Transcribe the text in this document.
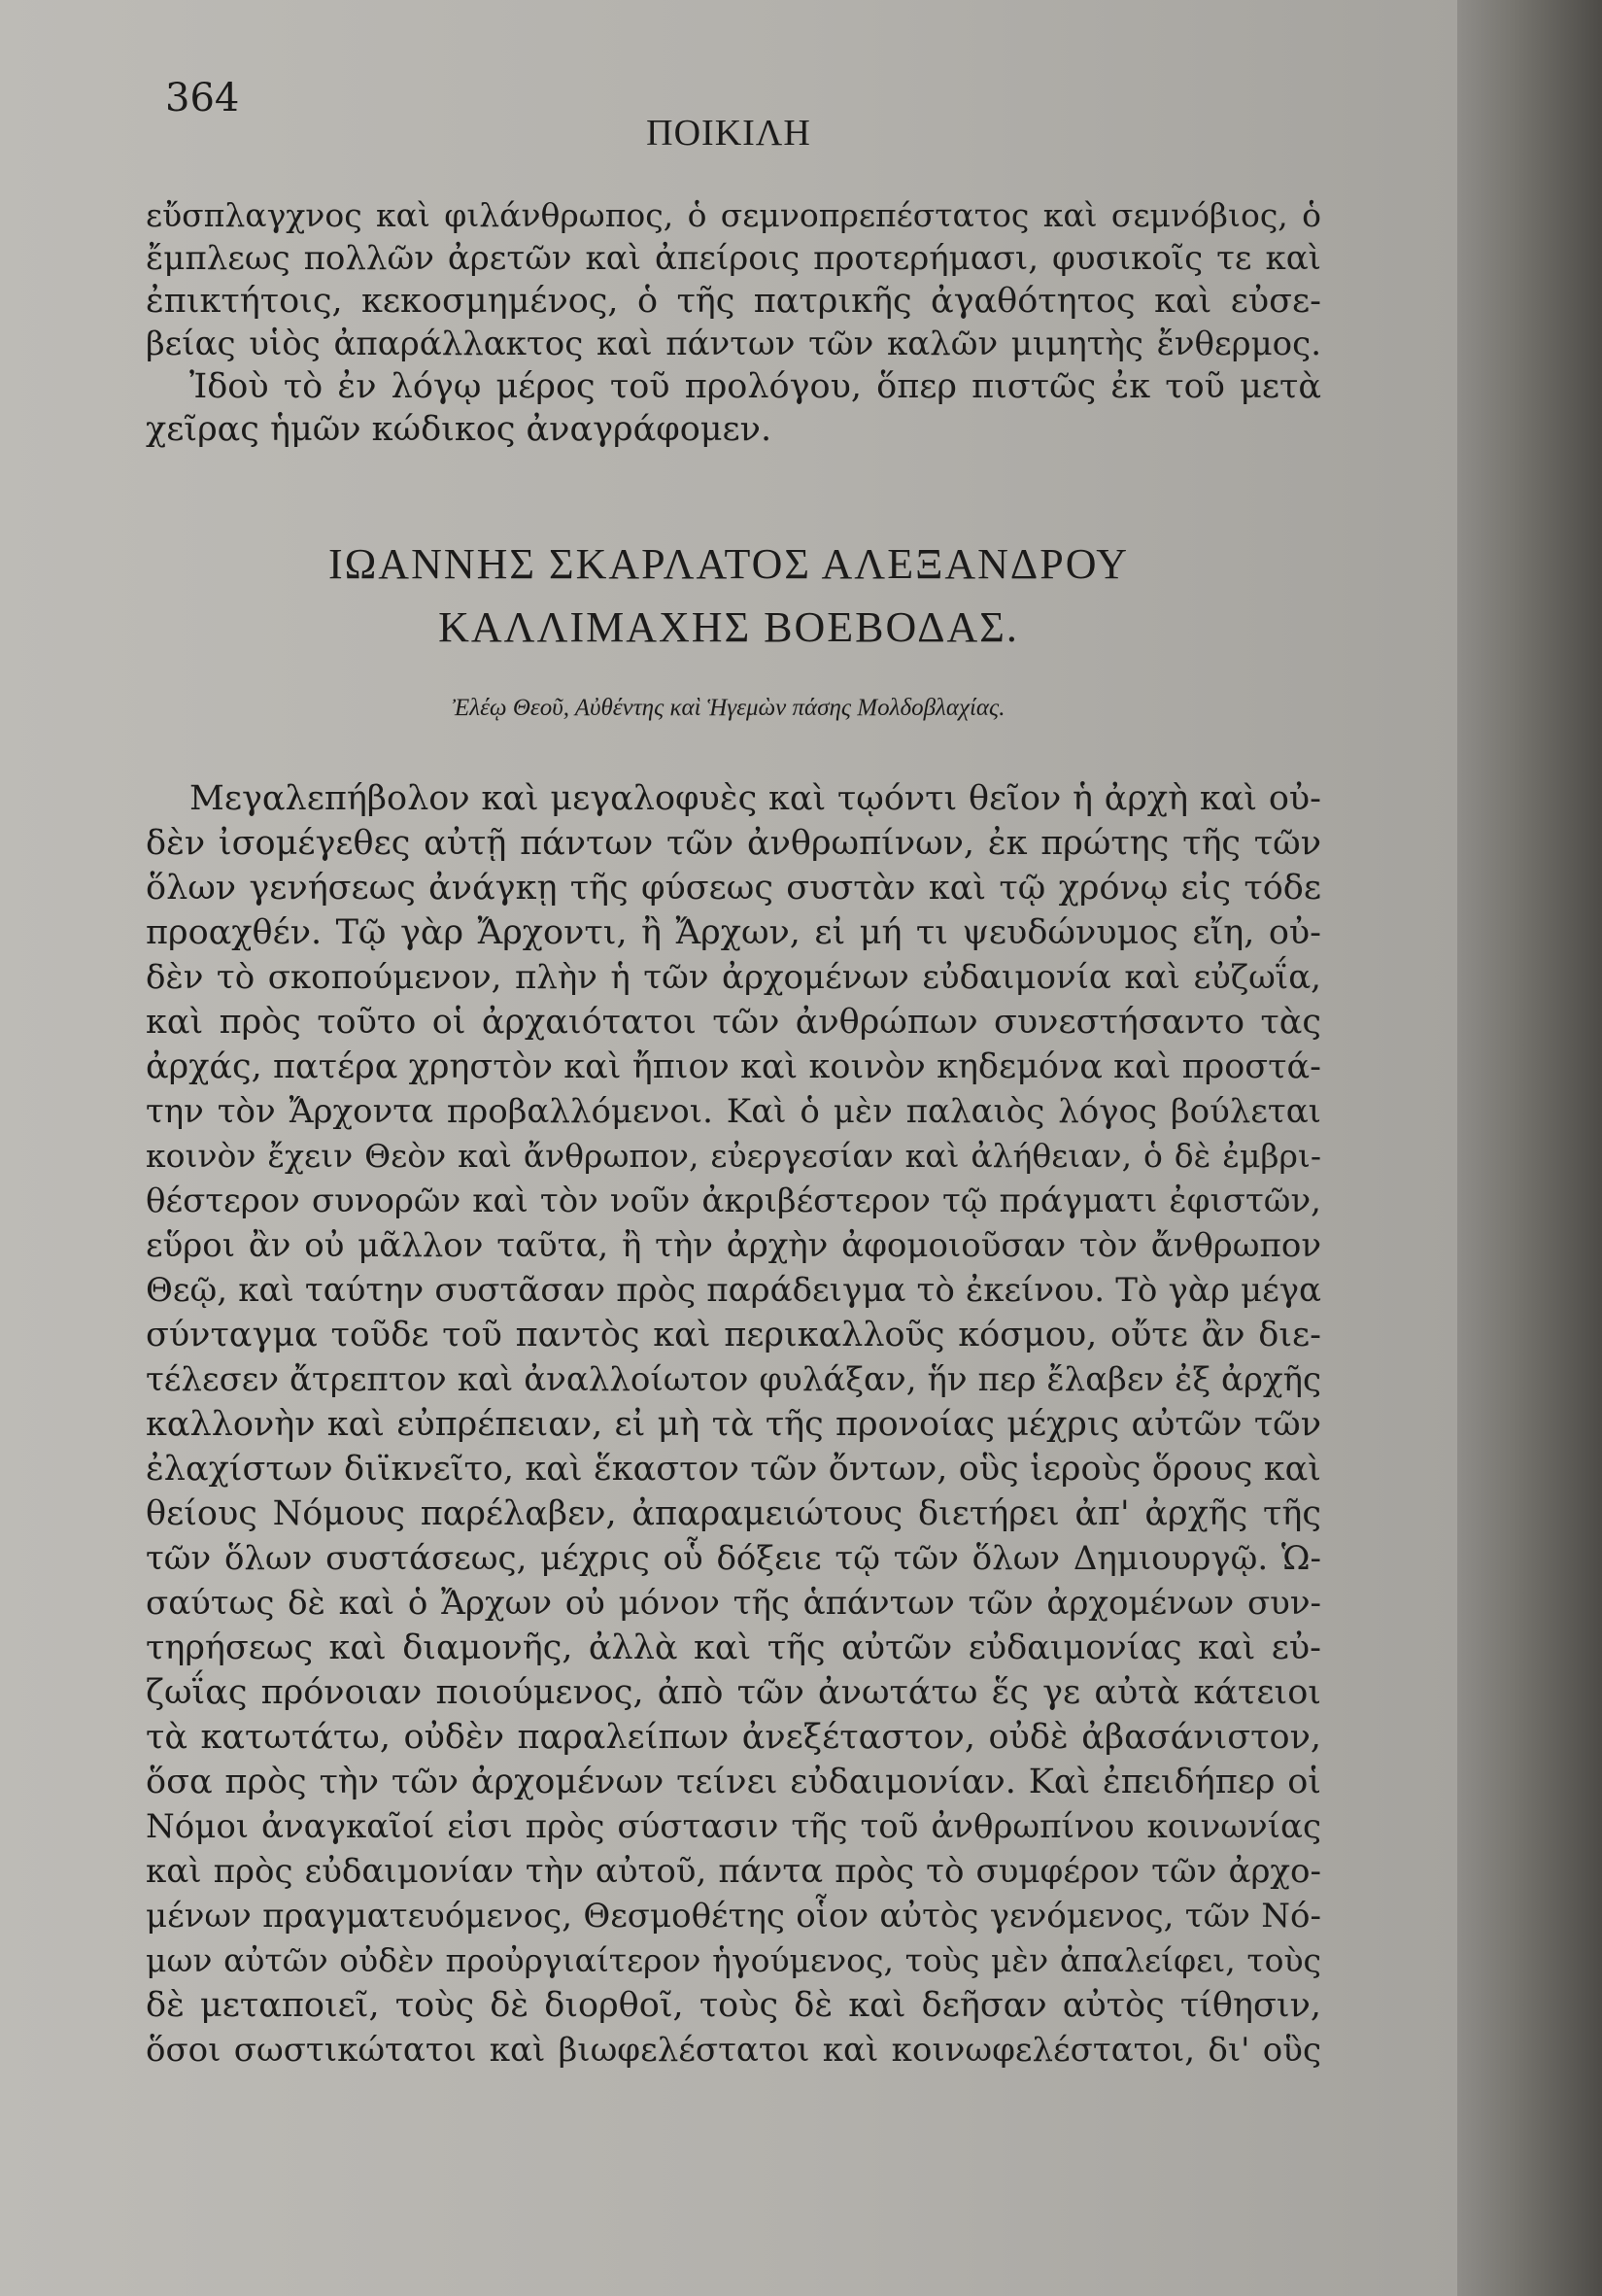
364
ΠΟΙΚΙΛΗ
εὔσπλαγχνος καὶ φιλάνθρωπος, ὁ σεμνοπρεπέστατος καὶ σεμνόβιος, ὁ
ἔμπλεως πολλῶν ἀρετῶν καὶ ἀπείροις προτερήμασι, φυσικοῖς τε καὶ
ἐπικτήτοις, κεκοσμημένος, ὁ τῆς πατρικῆς ἀγαθότητος καὶ εὐσε-
βείας υἱὸς ἀπαράλλακτος καὶ πάντων τῶν καλῶν μιμητὴς ἔνθερμος.
Ἰδοὺ τὸ ἐν λόγῳ μέρος τοῦ προλόγου, ὅπερ πιστῶς ἐκ τοῦ μετὰ
χεῖρας ἡμῶν κώδικος ἀναγράφομεν.
ΙΩΑΝΝΗΣ ΣΚΑΡΛΑΤΟΣ ΑΛΕΞΑΝΔΡΟΥ
ΚΑΛΛΙΜΑΧΗΣ ΒΟΕΒΟΔΑΣ.
Ἐλέῳ Θεοῦ, Αὐθέντης καὶ Ἡγεμὼν πάσης Μολδοβλαχίας.
Μεγαλεπήβολον καὶ μεγαλοφυὲς καὶ τῳόντι θεῖον ἡ ἀρχὴ καὶ οὐ-
δὲν ἰσομέγεθες αὐτῇ πάντων τῶν ἀνθρωπίνων, ἐκ πρώτης τῆς τῶν
ὅλων γενήσεως ἀνάγκῃ τῆς φύσεως συστὰν καὶ τῷ χρόνῳ εἰς τόδε
προαχθέν. Τῷ γὰρ Ἄρχοντι, ἢ Ἄρχων, εἰ μή τι ψευδώνυμος εἴη, οὐ-
δὲν τὸ σκοπούμενον, πλὴν ἡ τῶν ἀρχομένων εὐδαιμονία καὶ εὐζωΐα,
καὶ πρὸς τοῦτο οἱ ἀρχαιότατοι τῶν ἀνθρώπων συνεστήσαντο τὰς
ἀρχάς, πατέρα χρηστὸν καὶ ἤπιον καὶ κοινὸν κηδεμόνα καὶ προστά-
την τὸν Ἄρχοντα προβαλλόμενοι. Καὶ ὁ μὲν παλαιὸς λόγος βούλεται
κοινὸν ἔχειν Θεὸν καὶ ἄνθρωπον, εὐεργεσίαν καὶ ἀλήθειαν, ὁ δὲ ἐμβρι-
θέστερον συνορῶν καὶ τὸν νοῦν ἀκριβέστερον τῷ πράγματι ἐφιστῶν,
εὕροι ἂν οὐ μᾶλλον ταῦτα, ἢ τὴν ἀρχὴν ἀφομοιοῦσαν τὸν ἄνθρωπον
Θεῷ, καὶ ταύτην συστᾶσαν πρὸς παράδειγμα τὸ ἐκείνου. Τὸ γὰρ μέγα
σύνταγμα τοῦδε τοῦ παντὸς καὶ περικαλλοῦς κόσμου, οὔτε ἂν διε-
τέλεσεν ἄτρεπτον καὶ ἀναλλοίωτον φυλάξαν, ἥν περ ἔλαβεν ἐξ ἀρχῆς
καλλονὴν καὶ εὐπρέπειαν, εἰ μὴ τὰ τῆς προνοίας μέχρις αὐτῶν τῶν
ἐλαχίστων διϊκνεῖτο, καὶ ἕκαστον τῶν ὄντων, οὓς ἱεροὺς ὅρους καὶ
θείους Νόμους παρέλαβεν, ἀπαραμειώτους διετήρει ἀπ' ἀρχῆς τῆς
τῶν ὅλων συστάσεως, μέχρις οὗ δόξειε τῷ τῶν ὅλων Δημιουργῷ. Ὡ-
σαύτως δὲ καὶ ὁ Ἄρχων οὐ μόνον τῆς ἁπάντων τῶν ἀρχομένων συν-
τηρήσεως καὶ διαμονῆς, ἀλλὰ καὶ τῆς αὐτῶν εὐδαιμονίας καὶ εὐ-
ζωΐας πρόνοιαν ποιούμενος, ἀπὸ τῶν ἀνωτάτω ἕς γε αὐτὰ κάτειοι
τὰ κατωτάτω, οὐδὲν παραλείπων ἀνεξέταστον, οὐδὲ ἀβασάνιστον,
ὅσα πρὸς τὴν τῶν ἀρχομένων τείνει εὐδαιμονίαν. Καὶ ἐπειδήπερ οἱ
Νόμοι ἀναγκαῖοί εἰσι πρὸς σύστασιν τῆς τοῦ ἀνθρωπίνου κοινωνίας
καὶ πρὸς εὐδαιμονίαν τὴν αὐτοῦ, πάντα πρὸς τὸ συμφέρον τῶν ἀρχο-
μένων πραγματευόμενος, Θεσμοθέτης οἷον αὐτὸς γενόμενος, τῶν Νό-
μων αὐτῶν οὐδὲν προὐργιαίτερον ἡγούμενος, τοὺς μὲν ἀπαλείφει, τοὺς
δὲ μεταποιεῖ, τοὺς δὲ διορθοῖ, τοὺς δὲ καὶ δεῆσαν αὐτὸς τίθησιν,
ὅσοι σωστικώτατοι καὶ βιωφελέστατοι καὶ κοινωφελέστατοι, δι' οὓς
